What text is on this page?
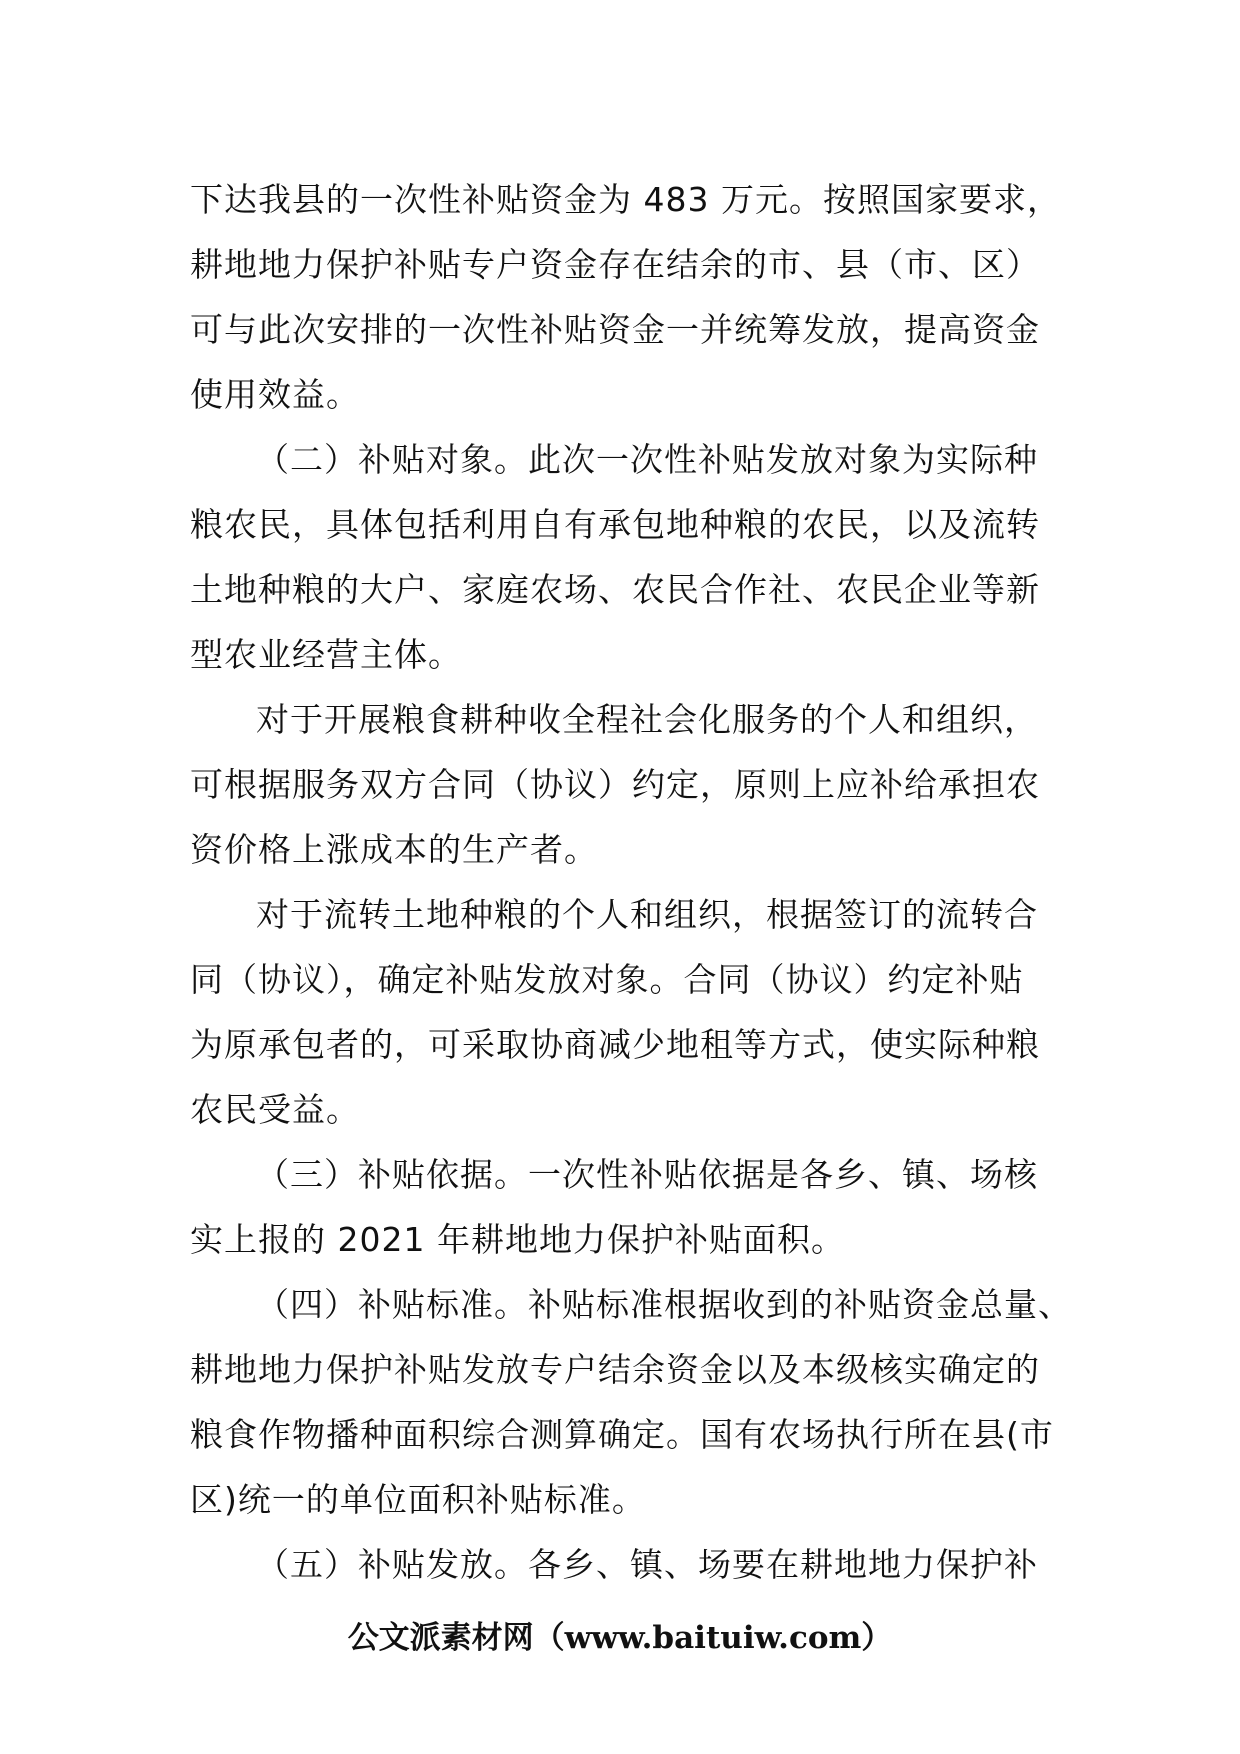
下达我县的一次性补贴资金为 483 万元。按照国家要求，
耕地地力保护补贴专户资金存在结余的市、县（市、区）
可与此次安排的一次性补贴资金一并统筹发放，提高资金
使用效益。
（二）补贴对象。此次一次性补贴发放对象为实际种
粮农民，具体包括利用自有承包地种粮的农民，以及流转
土地种粮的大户、家庭农场、农民合作社、农民企业等新
型农业经营主体。
对于开展粮食耕种收全程社会化服务的个人和组织，
可根据服务双方合同（协议）约定，原则上应补给承担农
资价格上涨成本的生产者。
对于流转土地种粮的个人和组织，根据签订的流转合
同（协议），确定补贴发放对象。合同（协议）约定补贴
为原承包者的，可采取协商减少地租等方式，使实际种粮
农民受益。
（三）补贴依据。一次性补贴依据是各乡、镇、场核
实上报的 2021 年耕地地力保护补贴面积。
（四）补贴标准。补贴标准根据收到的补贴资金总量、
耕地地力保护补贴发放专户结余资金以及本级核实确定的
粮食作物播种面积综合测算确定。国有农场执行所在县(市
区)统一的单位面积补贴标准。
（五）补贴发放。各乡、镇、场要在耕地地力保护补
公文派素材网（www.baituiw.com）
